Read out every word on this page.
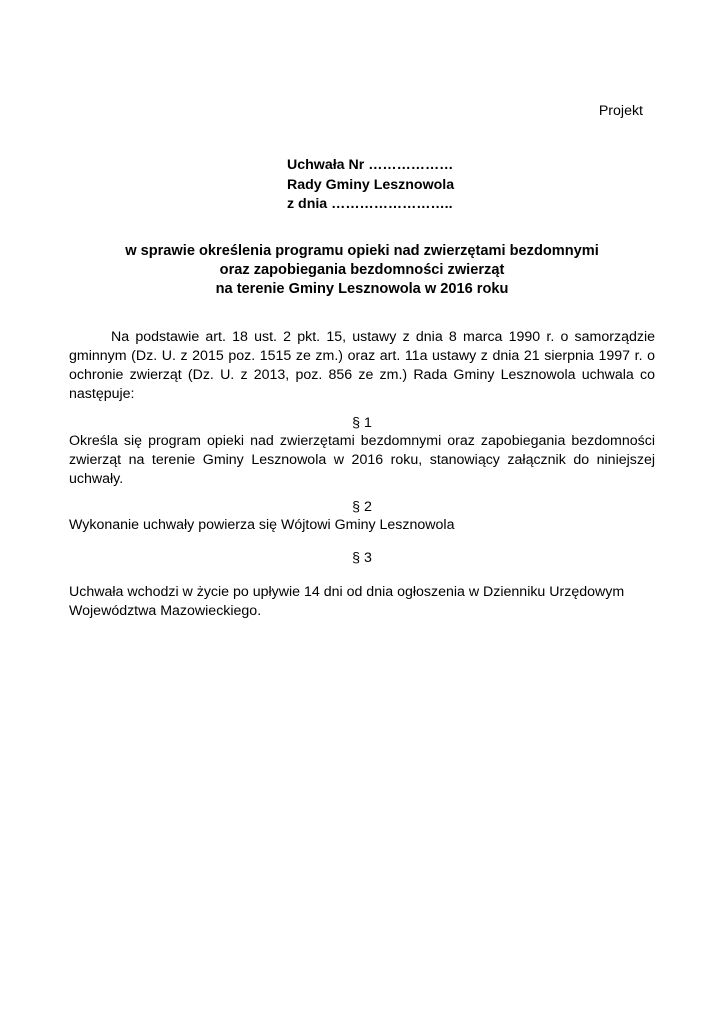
Projekt
Uchwała Nr ………………
Rady Gminy Lesznowola
z dnia ……………………..
w sprawie określenia programu opieki nad zwierzętami bezdomnymi
oraz zapobiegania bezdomności zwierząt
na terenie Gminy Lesznowola w 2016 roku
Na podstawie art. 18 ust. 2 pkt. 15, ustawy z dnia 8 marca 1990 r. o samorządzie gminnym (Dz. U. z 2015 poz. 1515 ze zm.) oraz art. 11a ustawy z dnia 21 sierpnia 1997 r. o ochronie zwierząt (Dz. U. z 2013, poz. 856 ze zm.) Rada Gminy Lesznowola uchwala co następuje:
§ 1
Określa się program opieki nad zwierzętami bezdomnymi oraz zapobiegania bezdomności zwierząt na terenie Gminy Lesznowola w 2016 roku, stanowiący załącznik do niniejszej uchwały.
§ 2
Wykonanie uchwały powierza się Wójtowi Gminy Lesznowola
§ 3
Uchwała wchodzi w życie po upływie 14 dni od dnia ogłoszenia w Dzienniku Urzędowym Województwa Mazowieckiego.
